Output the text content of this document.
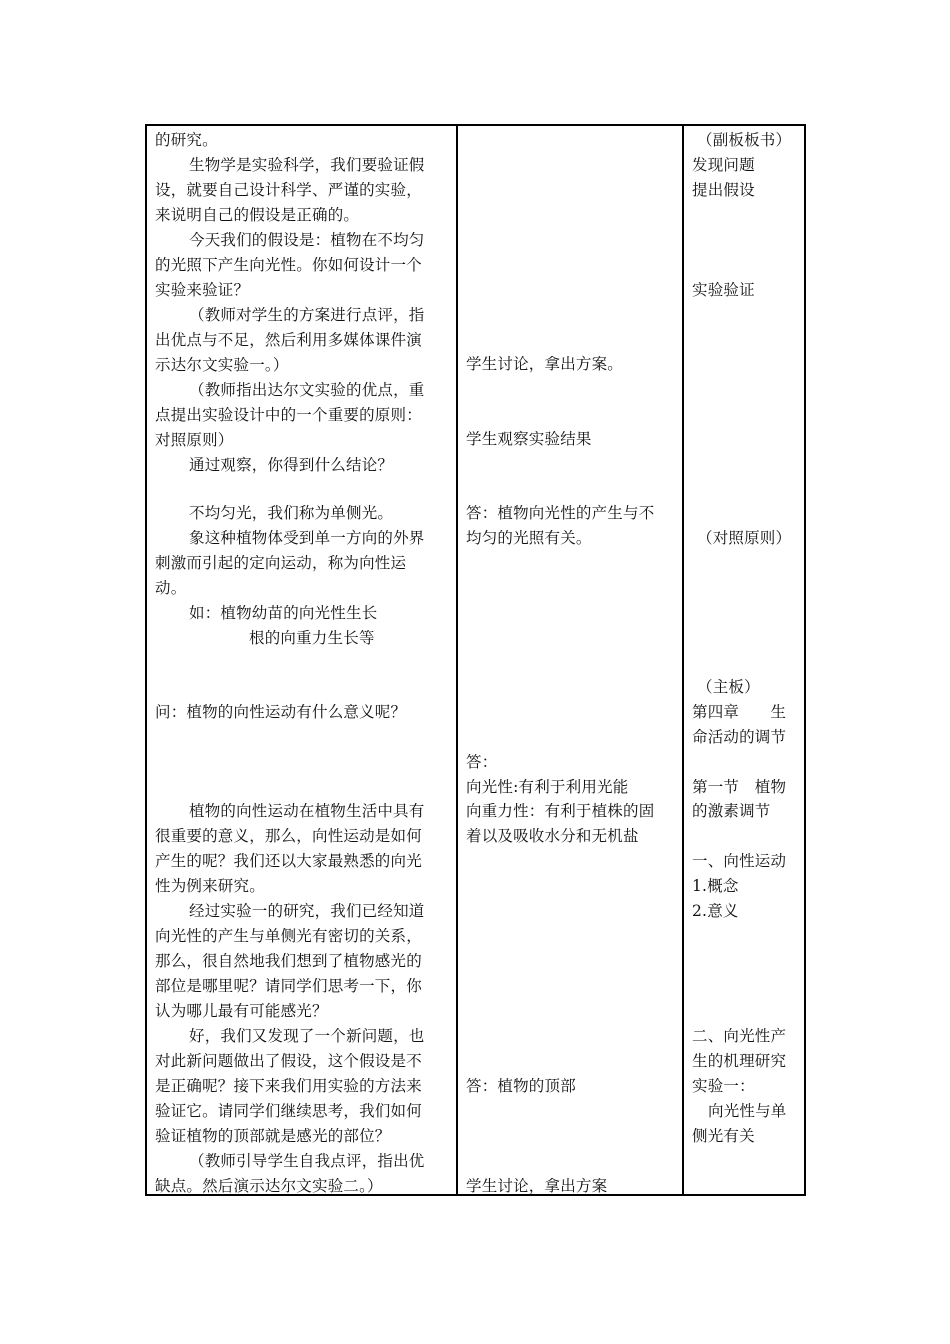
的研究。
生物学是实验科学，我们要验证假
设，就要自己设计科学、严谨的实验，
来说明自己的假设是正确的。
今天我们的假设是：植物在不均匀
的光照下产生向光性。你如何设计一个
实验来验证？
（教师对学生的方案进行点评，指
出优点与不足，然后利用多媒体课件演
示达尔文实验一。）
（教师指出达尔文实验的优点，重
点提出实验设计中的一个重要的原则：
对照原则）
通过观察，你得到什么结论？
不均匀光，我们称为单侧光。
象这种植物体受到单一方向的外界
刺激而引起的定向运动，称为向性运
动。
如：植物幼苗的向光性生长
根的向重力生长等
问：植物的向性运动有什么意义呢？
植物的向性运动在植物生活中具有
很重要的意义，那么，向性运动是如何
产生的呢？我们还以大家最熟悉的向光
性为例来研究。
经过实验一的研究，我们已经知道
向光性的产生与单侧光有密切的关系，
那么，很自然地我们想到了植物感光的
部位是哪里呢？请同学们思考一下，你
认为哪儿最有可能感光？
好，我们又发现了一个新问题，也
对此新问题做出了假设，这个假设是不
是正确呢？接下来我们用实验的方法来
验证它。请同学们继续思考，我们如何
验证植物的顶部就是感光的部位？
（教师引导学生自我点评，指出优
缺点。然后演示达尔文实验二。）
学生讨论，拿出方案。
学生观察实验结果
答：植物向光性的产生与不
均匀的光照有关。
答：
向光性:有利于利用光能
向重力性：有利于植株的固
着以及吸收水分和无机盐
答：植物的顶部
学生讨论，拿出方案
（副板板书）
发现问题
提出假设
实验验证
（对照原则）
（主板）
第四章　　生
命活动的调节
第一节　植物
的激素调节
一、向性运动
1.概念
2.意义
二、向光性产
生的机理研究
实验一：
向光性与单
侧光有关
